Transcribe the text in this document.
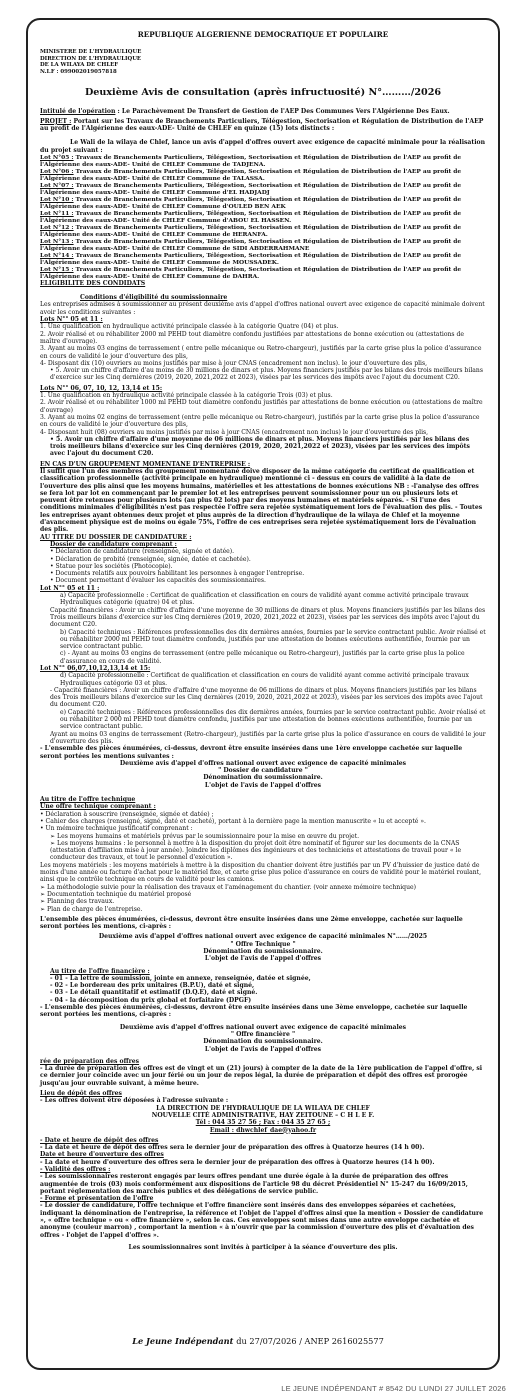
REPUBLIQUE ALGERIENNE DEMOCRATIQUE ET POPULAIRE

MINISTERE DE L'HYDRAULIQUE

DIRECTION DE L'HYDRAULIQUE

DE LA WILAYA DE CHLEF

N.I.F : 099002019057818

Deuxième Avis de consultation (après infructuosité) N°………/2026

Intitulé de l'opération : Le Parachèvement De Transfert de Gestion de l'AEP Des Communes Vers l'Algérienne Des Eaux.

PROJET : Portant sur les Travaux de Branchements Particuliers, Télégestion, Sectorisation et Régulation de Distribution de l'AEP au profit de l'Algérienne des eaux-ADE- Unité de CHLEF en quinze (15) lots distincts :

Le Wali de la wilaya de Chlef, lance un avis d'appel d'offres ouvert avec exigence de capacité minimale pour la réalisation du projet suivant :

Lot N°05 : Travaux de Branchements Particuliers, Télégestion, Sectorisation et Régulation de Distribution de l'AEP au profit de l'Algérienne des eaux-ADE- Unité de CHLEF Commune de TADJENA.

Lot N°06 : Travaux de Branchements Particuliers, Télégestion, Sectorisation et Régulation de Distribution de l'AEP au profit de l'Algérienne des eaux-ADE- Unité de CHLEF Commune de TALASSA.

Lot N°07 : Travaux de Branchements Particuliers, Télégestion, Sectorisation et Régulation de Distribution de l'AEP au profit de l'Algérienne des eaux-ADE- Unité de CHLEF Commune d'EL HADJADJ

Lot N°10 : Travaux de Branchements Particuliers, Télégestion, Sectorisation et Régulation de Distribution de l'AEP au profit de l'Algérienne des eaux-ADE- Unité de CHLEF Commune d'OULED BEN AEK

Lot N°11 : Travaux de Branchements Particuliers, Télégestion, Sectorisation et Régulation de Distribution de l'AEP au profit de l'Algérienne des eaux-ADE- Unité de CHLEF Commune d'ABOU EL HASSEN.

Lot N°12 : Travaux de Branchements Particuliers, Télégestion, Sectorisation et Régulation de Distribution de l'AEP au profit de l'Algérienne des eaux-ADE- Unité de CHLEF Commune de HERANFA.

Lot N°13 : Travaux de Branchements Particuliers, Télégestion, Sectorisation et Régulation de Distribution de l'AEP au profit de l'Algérienne des eaux-ADE- Unité de CHLEF Commune de SIDI ABDERRAHMANE

Lot N°14 : Travaux de Branchements Particuliers, Télégestion, Sectorisation et Régulation de Distribution de l'AEP au profit de l'Algérienne des eaux-ADE- Unité de CHLEF Commune de MOUSSADEK.

Lot N°15 : Travaux de Branchements Particuliers, Télégestion, Sectorisation et Régulation de Distribution de l'AEP au profit de l'Algérienne des eaux-ADE- Unité de CHLEF Commune de DAHRA.

ELIGIBILITE DES CONDIDATS

Conditions d'éligibilité du soumissionnaire

Les entreprises admises à soumissionner au présent deuxième avis d'appel d'offres national ouvert avec exigence de capacité minimale doivent avoir les conditions suivantes :

Lots N°° 05 et 11 :

1. Une qualification en hydraulique activité principale classée à la catégorie Quatre (04) et plus.

2. Avoir réalisé et ou réhabiliter 2000 ml PEHD tout diamètre confondu justifiées par attestations de bonne exécution ou (attestations de maître d'ouvrage).

3. Ayant au moins 03 engins de terrassement ( entre pelle mécanique ou Retro-chargeur), justifiés par la carte grise plus la police d'assurance en cours de validité le jour d'ouverture des plis,

4- Disposant dix (10) ouvriers au moins justifiés par mise à jour CNAS (encadrement non inclus). le jour d'ouverture des plis,

• 5. Avoir un chiffre d'affaire d'au moins de 30 millions de dinars et plus. Moyens financiers justifiés par les bilans des trois meilleurs bilans d'exercice sur les Cinq dernières (2019, 2020, 2021,2022 et 2023), visées par les services des impôts avec l'ajout du document C20.

Lots N°° 06, 07, 10, 12, 13,14 et 15:

1. Une qualification en hydraulique activité principale classée à la catégorie Trois (03) et plus.

2. Avoir réalisé et ou réhabiliter 1000 ml PEHD tout diamètre confondu justifiés par attestations de bonne exécution ou (attestations de maître d'ouvrage)

3. Ayant au moins 02 engins de terrassement (entre pelle mécanique ou Retro-chargeur), justifiés par la carte grise plus la police d'assurance en cours de validité le jour d'ouverture des plis,

4- Disposant huit (08) ouvriers au moins justifiés par mise à jour CNAS (encadrement non inclus) le jour d'ouverture des plis,

• 5. Avoir un chiffre d'affaire d'une moyenne de 06 millions de dinars et plus. Moyens financiers justifiés par les bilans des trois meilleurs bilans d'exercice sur les Cinq dernières (2019, 2020, 2021,2022 et 2023), visées par les services des impôts avec l'ajout du document C20.

EN CAS D'UN GROUPEMENT MOMENTANE D'ENTREPRISE :

Il suffit que l'un des membres du groupement momentané doive disposer de la même catégorie du certificat de qualification et classification professionnelle (activité principale en hydraulique) mentionné ci - dessus en cours de validité à la date de l'ouverture des plis ainsi que les moyens humains, matérielles et les attestations de bonnes exécutions NB : -l'analyse des offres se fera lot par lot en commençant par le premier lot et les entreprises peuvent soumissionner pour un ou plusieurs lots et peuvent être retenues pour plusieurs lots (au plus 02 lots) par des moyens humaines et matériels séparés. - Si l'une des conditions minimales d'éligibilités n'est pas respectée l'offre sera rejetée systématiquement lors de l'évaluation des plis. - Toutes les entreprises ayant obtenues deux projet et plus auprès de la direction d'hydraulique de la wilaya de Chlef et la moyenne d'avancement physique est de moins ou égale 75%, l'offre de ces entreprises sera rejetée systématiquement lors de l'évaluation des plis.

AU TITRE DU DOSSIER DE CANDIDATURE :

Dossier de candidature comprenant :

• Déclaration de candidature (renseignée, signée et datée).

• Déclaration de probité (renseignée, signée, datée et cachetée).

• Statue pour les sociétés (Photocopie).

• Documents relatifs aux pouvoirs habilitant les personnes à engager l'entreprise.

• Document permettant d'évaluer les capacités des soumissionnaires.

Lot N°° 05 et 11 :

a) Capacité professionnelle : Certificat de qualification et classification en cours de validité ayant comme activité principale travaux Hydrauliques catégorie (quatre) 04 et plus.

Capacité financières : Avoir un chiffre d'affaire d'une moyenne de 30 millions de dinars et plus. Moyens financiers justifiés par les bilans des Trois meilleurs bilans d'exercice sur les Cinq dernières (2019, 2020, 2021,2022 et 2023), visées par les services des impôts avec l'ajout du document C20.

b) Capacité techniques : Références professionnelles des dix dernières années, fournies par le service contractant public. Avoir réalisé et ou réhabiliter 2000 ml PEHD tout diamètre confondu, justifiés par une attestation de bonnes exécutions authentifiée, fournie par un service contractant public.

c) - Ayant au moins 03 engins de terrassement (entre pelle mécanique ou Retro-chargeur), justifiés par la carte grise plus la police d'assurance en cours de validité.

Lot N°° 06,07,10,12,13,14 et 15:

d) Capacité professionnelle : Certificat de qualification et classification en cours de validité ayant comme activité principale travaux Hydrauliques catégorie 03 et plus.

- Capacité financières : Avoir un chiffre d'affaire d'une moyenne de 06 millions de dinars et plus. Moyens financiers justifiés par les bilans des Trois meilleurs bilans d'exercice sur les Cinq dernières (2019, 2020, 2021,2022 et 2023), visées par les services des impôts avec l'ajout du document C20.

e) Capacité techniques : Références professionnelles des dix dernières années, fournies par le service contractant public. Avoir réalisé et ou réhabiliter 2 000 ml PEHD tout diamètre confondu, justifiés par une attestation de bonnes exécutions authentifiée, fournie par un service contractant public.

Ayant au moins 03 engins de terrassement (Retro-chargeur), justifiés par la carte grise plus la police d'assurance en cours de validité le jour d'ouverture des plis.

- L'ensemble des pièces énumérées, ci-dessus, devront être ensuite insérées dans une 1ère enveloppe cachetée sur laquelle seront portées les mentions suivantes :

Deuxième avis d'appel d'offres national ouvert avec exigence de capacité minimales

" Dossier de candidature "

Dénomination du soumissionnaire.

L'objet de l'avis de l'appel d'offres

Au titre de l'offre technique

Une offre technique comprenant :

• Déclaration à souscrire (renseignée, signée et datée) ;

• Cahier des charges (renseigné, signé, daté et cacheté), portant à la dernière page la mention manuscrite « lu et accepté ».

• Un mémoire technique justificatif comprenant :

➢ Les moyens humains et matériels prévus par le soumissionnaire pour la mise en œuvre du projet.

➢ Les moyens humains : le personnel à mettre à la disposition du projet doit être nominatif et figurer sur les documents de la CNAS (attestation d'affiliation mise à jour année). Joindre les diplômes des ingénieurs et des techniciens et attestations de travail pour « le conducteur des travaux, et tout le personnel d'exécution ».

Les moyens matériels : les moyens matériels à mettre à la disposition du chantier doivent être justifiés par un PV d'huissier de justice daté de moins d'une année ou facture d'achat pour le matériel fixe, et carte grise plus police d'assurance en cours de validité pour le matériel roulant, ainsi que le contrôle technique en cours de validité pour les camions.

➢ La méthodologie suivie pour la réalisation des travaux et l'aménagement du chantier. (voir annexe mémoire technique)

➢ Documentation technique du matériel proposé

➢ Planning des travaux.

➢ Plan de charge de l'entreprise.

L'ensemble des pièces énumérées, ci-dessus, devront être ensuite insérées dans une 2ème enveloppe, cachetée sur laquelle seront portées les mentions, ci-après :

Deuxième avis d'appel d'offres national ouvert avec exigence de capacité minimales N°……/2025

" Offre Technique "

Dénomination du soumissionnaire.

L'objet de l'avis de l'appel d'offres

Au titre de l'offre financière :

- 01 - La lettre de soumission, jointe en annexe, renseignée, datée et signée,

- 02 - Le bordereau des prix unitaires (B.P.U), daté et signé,

- 03 - Le détail quantitatif et estimatif (D.Q.E), daté et signé.

- 04 - la décomposition du prix global et forfaitaire (DPGF)

- L'ensemble des pièces énumérées, ci-dessus, devront être ensuite insérées dans une 3ème enveloppe, cachetée sur laquelle seront portées les mentions, ci-après :

Deuxième avis d'appel d'offres national ouvert avec exigence de capacité minimales

" Offre financière "

Dénomination du soumissionnaire.

L'objet de l'avis de l'appel d'offres

rée de préparation des offres

- La durée de préparation des offres est de vingt et un (21) jours) à compter de la date de la 1ère publication de l'appel d'offre, si ce dernier jour coïncide avec un jour férié ou un jour de repos légal, la durée de préparation et dépôt des offres est prorogée jusqu'au jour ouvrable suivant, à même heure.

Lieu de dépôt des offres

- Les offres doivent être déposées à l'adresse suivante :

LA DIRECTION DE l'HYDRAULIQUE DE LA WILAYA DE CHLEF

NOUVELLE CITÉ ADMINISTRATIVE, HAY ZEITOUNE – C H L E F.

Tél : 044 35 27 56 ; Fax : 044 35 27 65 ;

Email : dhwchlef_dae@yahoo.fr

- Date et heure de dépôt des offres

- La date et heure de dépôt des offres sera le dernier jour de préparation des offres à Quatorze heures (14 h 00).

Date et heure d'ouverture des offres

- La date et heure d'ouverture des offres sera le dernier jour de préparation des offres à Quatorze heures (14 h 00).

- Validité des offres :

- Les soumissionnaires resteront engagés par leurs offres pendant une durée égale à la durée de préparation des offres augmentée de trois (03) mois conformément aux dispositions de l'article 98 du décret Présidentiel N° 15-247 du 16/09/2015, portant réglementation des marchés publics et des délégations de service public.

- Forme et présentation de l'offre

- Le dossier de candidature, l'offre technique et l'offre financière sont insérés dans des enveloppes séparées et cachetées, indiquant la dénomination de l'entreprise, la référence et l'objet de l'appel d'offres ainsi que la mention « Dossier de candidature », « offre technique » ou « offre financière », selon le cas. Ces enveloppes sont mises dans une autre enveloppe cachetée et anonyme (couleur marron) , comportant la mention « à n'ouvrir que par la commission d'ouverture des plis et d'évaluation des offres - l'objet de l'appel d'offres ».

Les soumissionnaires sont invités à participer à la séance d'ouverture des plis.

Le Jeune Indépendant du 27/07/2026 / ANEP 2616025577
LE JEUNE INDÉPENDANT # 8542 DU LUNDI 27 JUILLET 2026
